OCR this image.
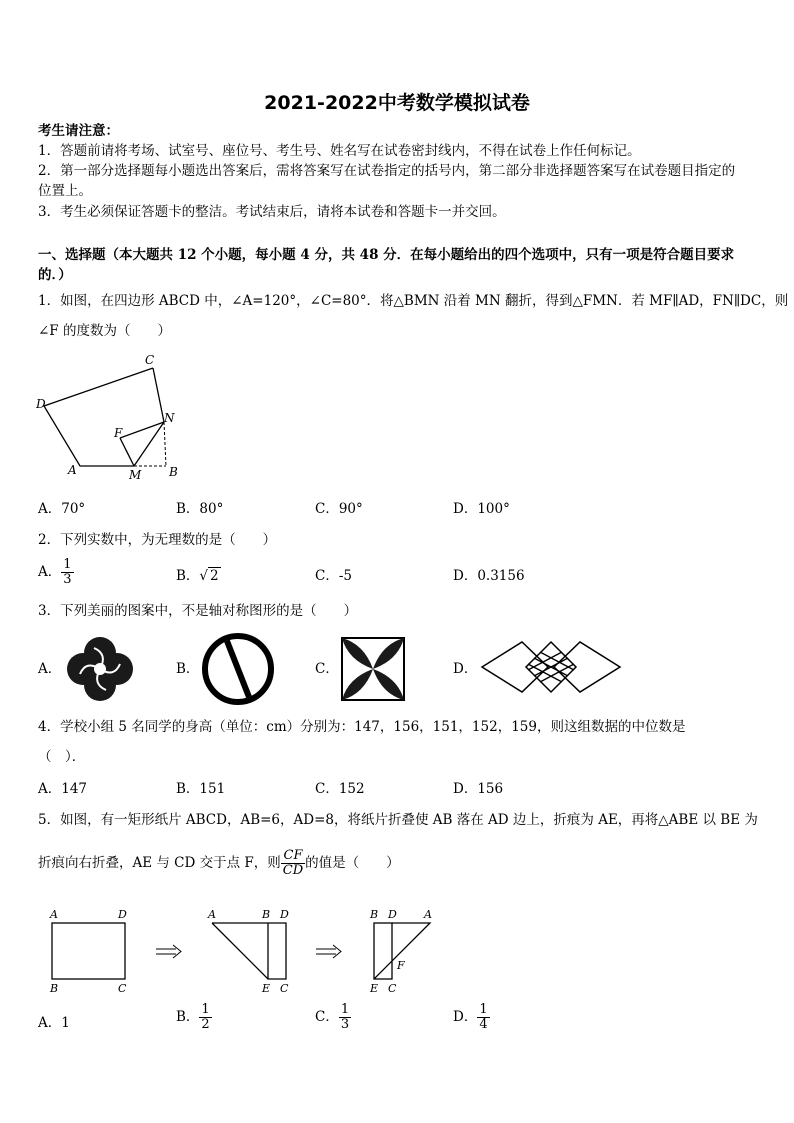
2021-2022中考数学模拟试卷
考生请注意：
1．答题前请将考场、试室号、座位号、考生号、姓名写在试卷密封线内，不得在试卷上作任何标记。
2．第一部分选择题每小题选出答案后，需将答案写在试卷指定的括号内，第二部分非选择题答案写在试卷题目指定的
位置上。
3．考生必须保证答题卡的整洁。考试结束后，请将本试卷和答题卡一并交回。
一、选择题（本大题共 12 个小题，每小题 4 分，共 48 分．在每小题给出的四个选项中，只有一项是符合题目要求
的．）
1．如图，在四边形 ABCD 中，∠A=120°，∠C=80°．将△BMN 沿着 MN 翻折，得到△FMN．若 MF∥AD，FN∥DC，则
∠F 的度数为（　　）
C
D
F
N
A	M B
A．70°	B．80°	C．90°	D．100°
2．下列实数中，为无理数的是（　　）
A． $\frac{1}{3}$	B．√ 2	C．-5	D．0.3156
3．下列美丽的图案中，不是轴对称图形的是（　　）
A．	B．	C．	D．
4．学校小组 5 名同学的身高（单位：cm）分别为：147，156，151，152，159，则这组数据的中位数是
（　）．
A．147	B．151	C．152	D．156
5．如图，有一矩形纸片 ABCD，AB=6，AD=8，将纸片折叠使 AB 落在 AD 边上，折痕为 AE，再将△ABE 以 BE 为
折痕向右折叠，AE 与 CD 交于点 F，则 $\frac{CF}{CD}$ 的值是（　　）
A	D
B	C
A	B D
E C
B D A
F
E C
A．1	B． $\frac{1}{2}$	C． $\frac{1}{3}$	D． $\frac{1}{4}$
